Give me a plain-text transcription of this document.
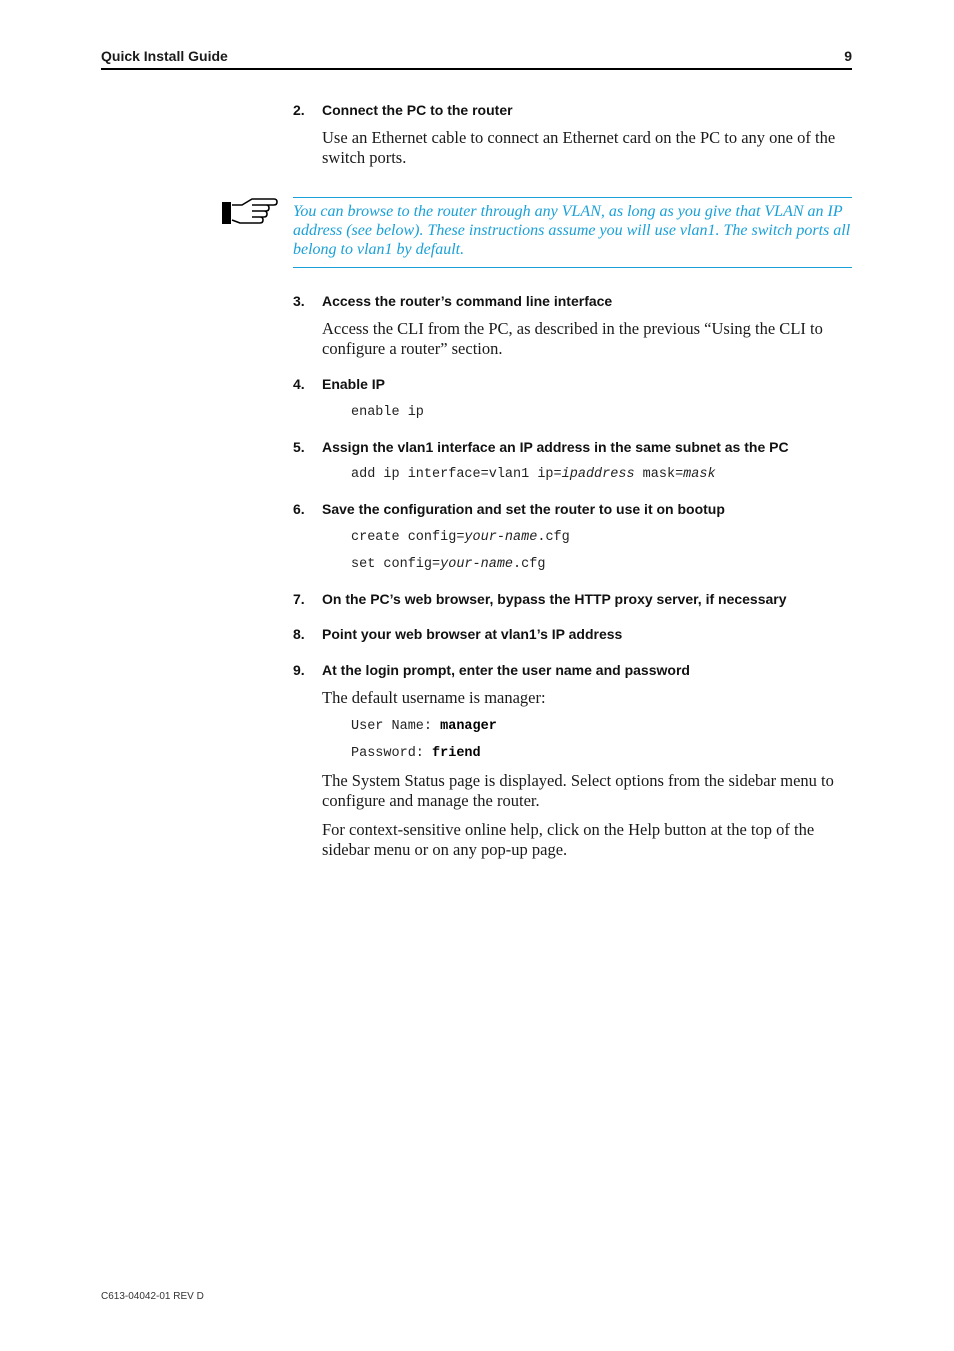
Quick Install Guide	9
2.	Connect the PC to the router

Use an Ethernet cable to connect an Ethernet card on the PC to any one of the switch ports.

You can browse to the router through any VLAN, as long as you give that VLAN an IP address (see below). These instructions assume you will use vlan1. The switch ports all belong to vlan1 by default.
3.	Access the router’s command line interface

Access the CLI from the PC, as described in the previous “Using the CLI to configure a router” section.

4.	Enable IP
enable ip
5.	Assign the vlan1 interface an IP address in the same subnet as the PC
add ip interface=vlan1 ip=ipaddress mask=mask
6.	Save the configuration and set the router to use it on bootup
create config=your-name.cfg
set config=your-name.cfg
7.	On the PC’s web browser, bypass the HTTP proxy server, if necessary
8.	Point your web browser at vlan1’s IP address
9.	At the login prompt, enter the user name and password

The default username is manager:

User Name: manager
Password: friend

The System Status page is displayed. Select options from the sidebar menu to configure and manage the router.

For context-sensitive online help, click on the Help button at the top of the sidebar menu or on any pop-up page.

C613-04042-01 REV D
